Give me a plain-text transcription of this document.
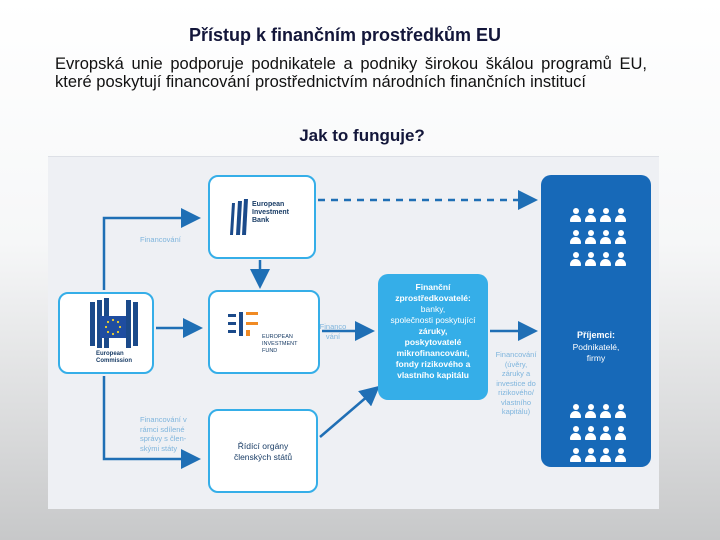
Přístup k finančním prostředkům EU
Evropská unie podporuje podnikatele a podniky širokou škálou programů EU, které poskytují financování prostřednictvím národních finančních institucí
Jak to funguje?
European
Commission
European
Investment
Bank
EUROPEAN
INVESTMENT
FUND
Řídící orgány
členských států
Finanční zprostředkovatelé:
banky,
společnosti poskytující
záruky,
poskytovatelé
mikrofinancování,
fondy rizikového a
vlastního kapitálu

Příjemci:
Podnikatelé,
firmy

Financování
Financování v
rámci sdílené
správy s člen-
skými státy
Financo
vání
Financování
(úvěry,
záruky a
investice do
rizikového/
vlastního
kapitálu)
